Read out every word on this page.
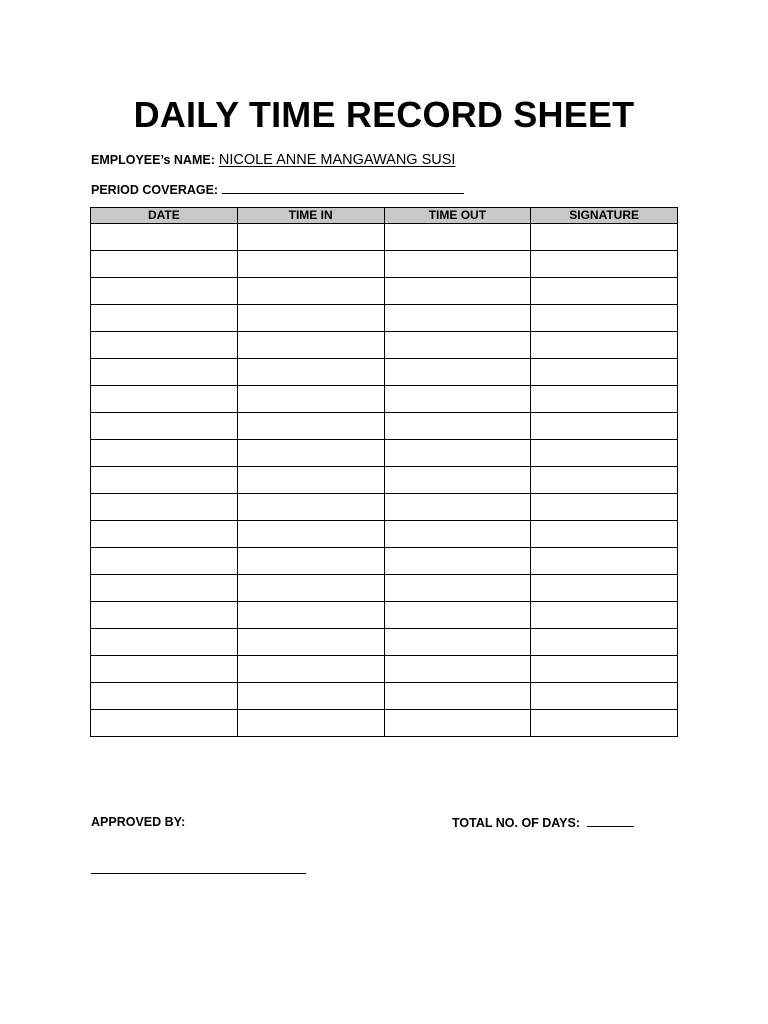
DAILY TIME RECORD SHEET
EMPLOYEE’s NAME: NICOLE ANNE MANGAWANG SUSI
PERIOD COVERAGE:
DATE	TIME IN	TIME OUT	SIGNATURE

APPROVED BY:	TOTAL NO. OF DAYS:
